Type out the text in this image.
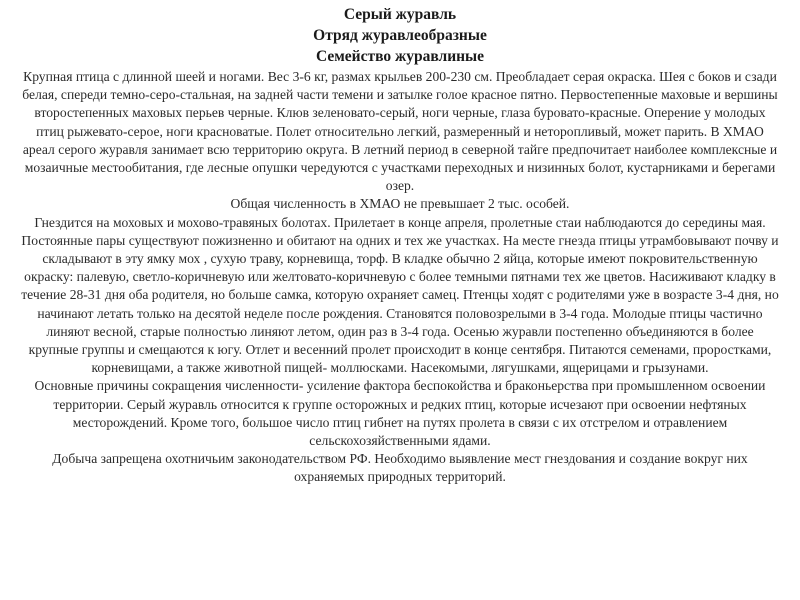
Серый журавль
Отряд журавлеобразные
Семейство журавлиные

Крупная птица с длинной шеей и ногами. Вес 3-6 кг, размах крыльев 200-230 см. Преобладает серая окраска. Шея с боков и сзади белая, спереди темно-серо-стальная, на задней части темени и затылке голое красное пятно. Первостепенные маховые и вершины второстепенных маховых перьев черные. Клюв зеленовато-серый, ноги черные, глаза буровато-красные. Оперение у молодых птиц рыжевато-серое, ноги красноватые. Полет относительно легкий, размеренный и неторопливый, может парить. В ХМАО ареал серого журавля занимает всю территорию округа. В летний период в северной тайге предпочитает наиболее комплексные и мозаичные местообитания, где лесные опушки чередуются с участками переходных и низинных болот, кустарниками и берегами озер.

Общая численность в ХМАО не превышает 2 тыс. особей.

Гнездится на моховых и мохово-травяных болотах. Прилетает в конце апреля, пролетные стаи наблюдаются до середины мая. Постоянные пары существуют пожизненно и обитают на одних и тех же участках. На месте гнезда птицы утрамбовывают почву и складывают в эту ямку мох , сухую траву, корневища, торф. В кладке обычно 2 яйца, которые имеют покровительственную окраску: палевую, светло-коричневую или желтовато-коричневую с более темными пятнами тех же цветов. Насиживают кладку в течение 28-31 дня оба родителя, но больше самка, которую охраняет самец. Птенцы ходят с родителями уже в возрасте 3-4 дня, но начинают летать только на десятой неделе после рождения. Становятся половозрелыми в 3-4 года. Молодые птицы частично линяют весной, старые полностью линяют летом, один раз в 3-4 года. Осенью журавли постепенно объединяются в более крупные группы и смещаются к югу. Отлет и весенний пролет происходит в конце сентября. Питаются семенами, проростками, корневищами, а также животной пищей- моллюсками. Насекомыми, лягушками, ящерицами и грызунами.

Основные причины сокращения численности- усиление фактора беспокойства и браконьерства при промышленном освоении территории. Серый журавль относится к группе осторожных и редких птиц, которые исчезают при освоении нефтяных месторождений. Кроме того, большое число птиц гибнет на путях пролета в связи с их отстрелом и отравлением сельскохозяйственными ядами.

Добыча запрещена охотничьим законодательством РФ. Необходимо выявление мест гнездования и создание вокруг них охраняемых природных территорий.
